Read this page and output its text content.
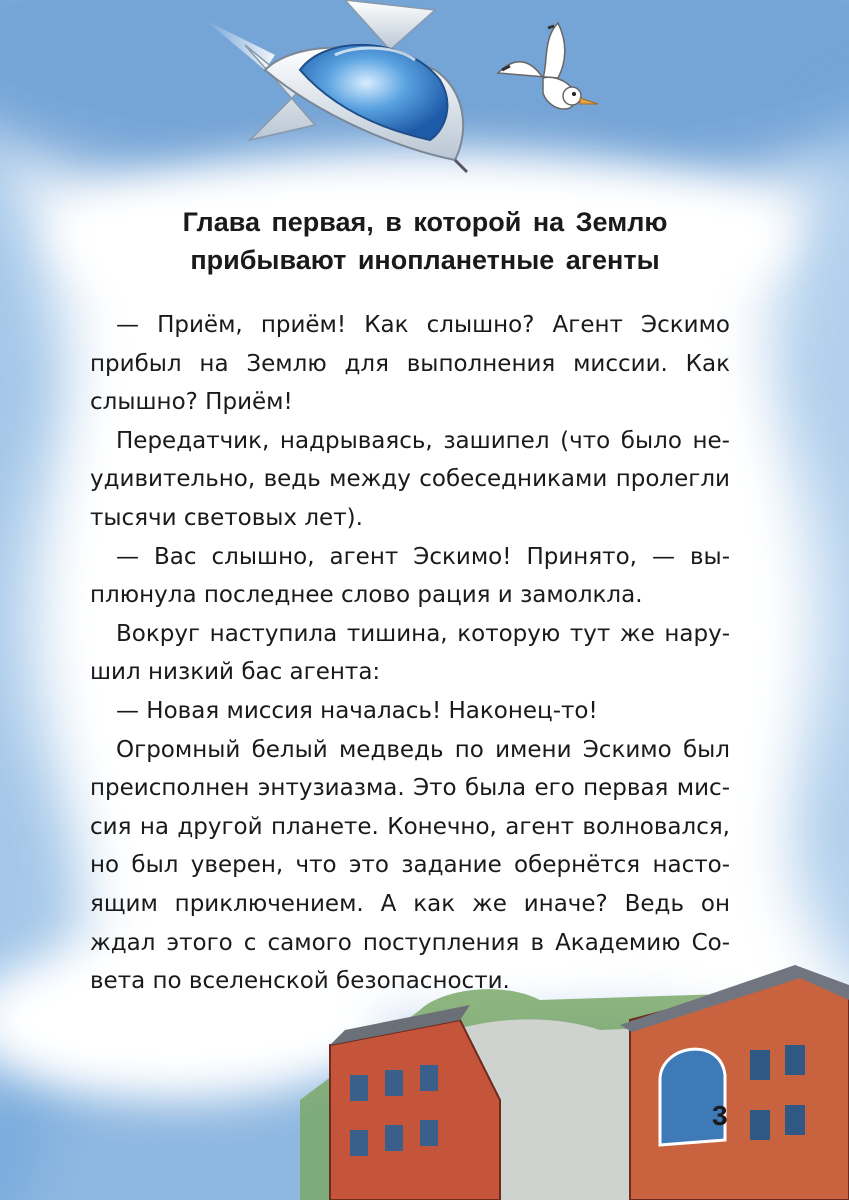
Глава первая, в которой на Землю
прибывают инопланетные агенты
— Приём, приём! Как слышно? Агент Эскимо
прибыл на Землю для выполнения миссии. Как
слышно? Приём!
Передатчик, надрываясь, зашипел (что было не-
удивительно, ведь между собеседниками пролегли
тысячи световых лет).
— Вас слышно, агент Эскимо! Принято, — вы-
плюнула последнее слово рация и замолкла.
Вокруг наступила тишина, которую тут же нару-
шил низкий бас агента:
— Новая миссия началась! Наконец-то!
Огромный белый медведь по имени Эскимо был
преисполнен энтузиазма. Это была его первая мис-
сия на другой планете. Конечно, агент волновался,
но был уверен, что это задание обернётся насто-
ящим приключением. А как же иначе? Ведь он
ждал этого с самого поступления в Академию Со-
вета по вселенской безопасности.
3
